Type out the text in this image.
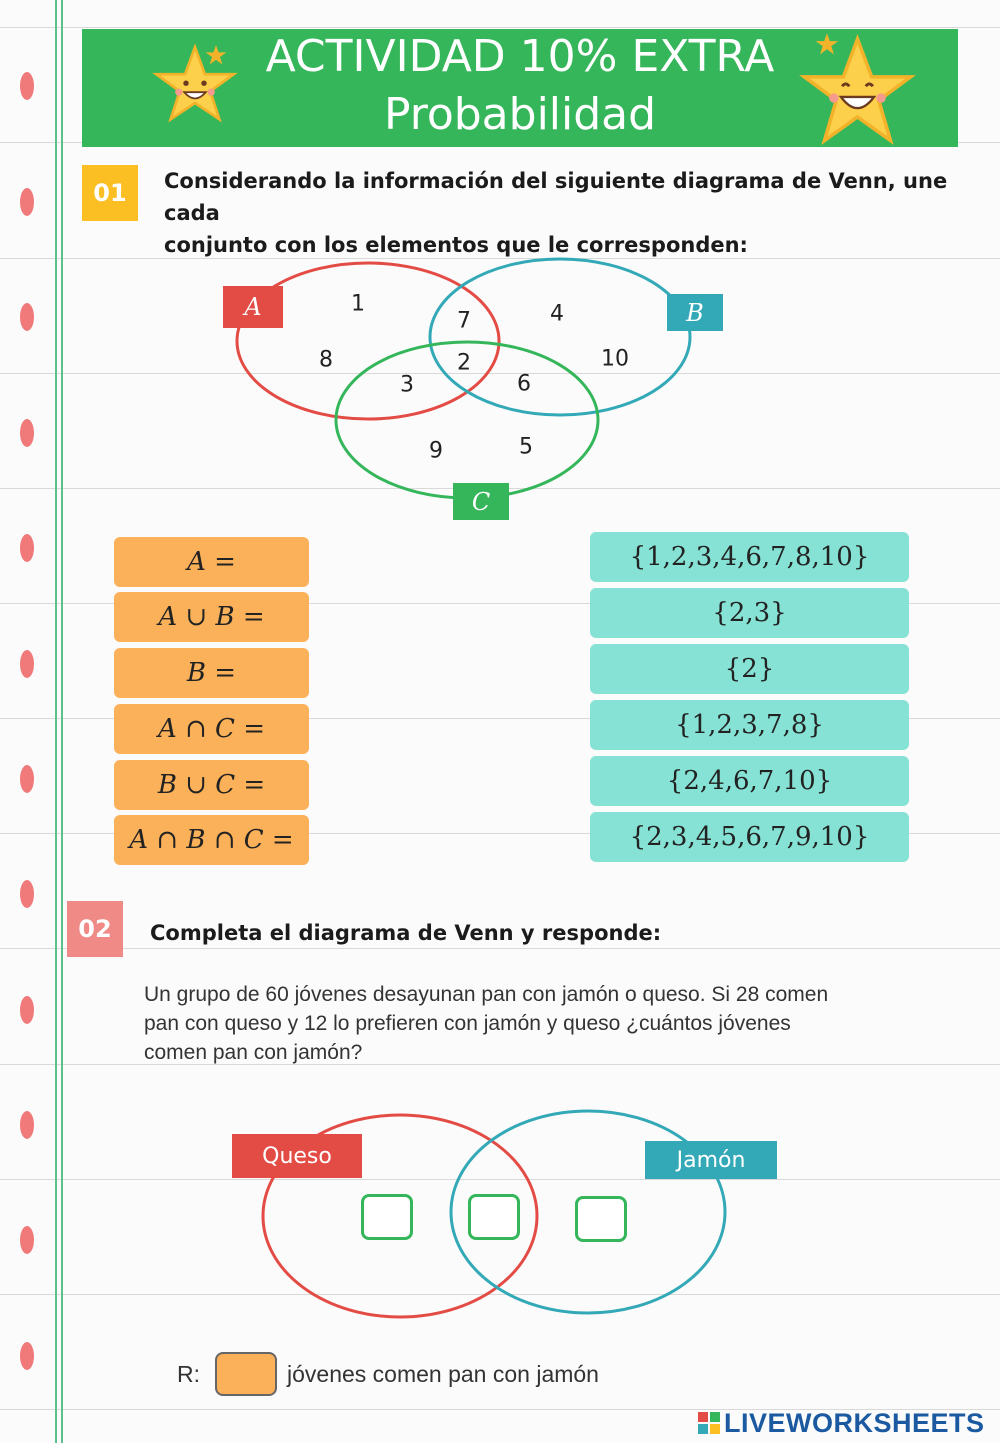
ACTIVIDAD 10% EXTRA
Probabilidad
01	Considerando la información del siguiente diagrama de Venn, une cada
conjunto con los elementos que le corresponden:
A	B
C
1
7	4
8	2	10
3	6
9	5
A =
A ∪ B =
B =
A ∩ C =
B ∪ C =
A ∩ B ∩ C =
{1,2,3,4,6,7,8,10}
{2,3}
{2}
{1,2,3,7,8}
{2,4,6,7,10}
{2,3,4,5,6,7,9,10}
02	Completa el diagrama de Venn y responde:
Un grupo de 60 jóvenes desayunan pan con jamón o queso. Si 28 comen
pan con queso y 12 lo prefieren con jamón y queso ¿cuántos jóvenes
comen pan con jamón?
Queso	Jamón
R:	jóvenes comen pan con jamón
LIVEWORKSHEETS
